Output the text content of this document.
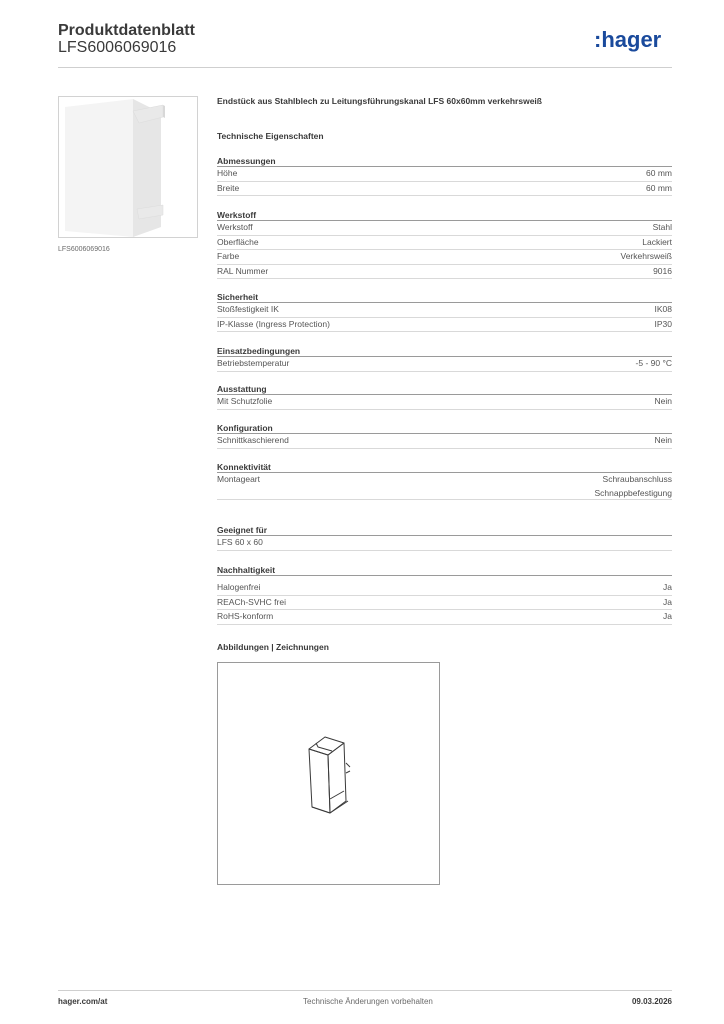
Produktdatenblatt
LFS6006069016	:hager
LFS6006069016
Endstück aus Stahlblech zu Leitungsführungskanal LFS 60x60mm verkehrsweiß
Technische Eigenschaften
Abmessungen
Höhe	60 mm
Breite	60 mm
Werkstoff
Werkstoff	Stahl
Oberfläche	Lackiert
Farbe	Verkehrsweiß
RAL Nummer	9016
Sicherheit
Stoßfestigkeit IK	IK08
IP-Klasse (Ingress Protection)	IP30
Einsatzbedingungen
Betriebstemperatur	-5 - 90 °C
Ausstattung
Mit Schutzfolie	Nein
Konfiguration
Schnittkaschierend	Nein
Konnektivität
Montageart	Schraubanschluss
Schnappbefestigung
Geeignet für
LFS 60 x 60
Nachhaltigkeit
Halogenfrei	Ja
REACh-SVHC frei	Ja
RoHS-konform	Ja
Abbildungen | Zeichnungen
hager.com/at	Technische Änderungen vorbehalten	09.03.2026
